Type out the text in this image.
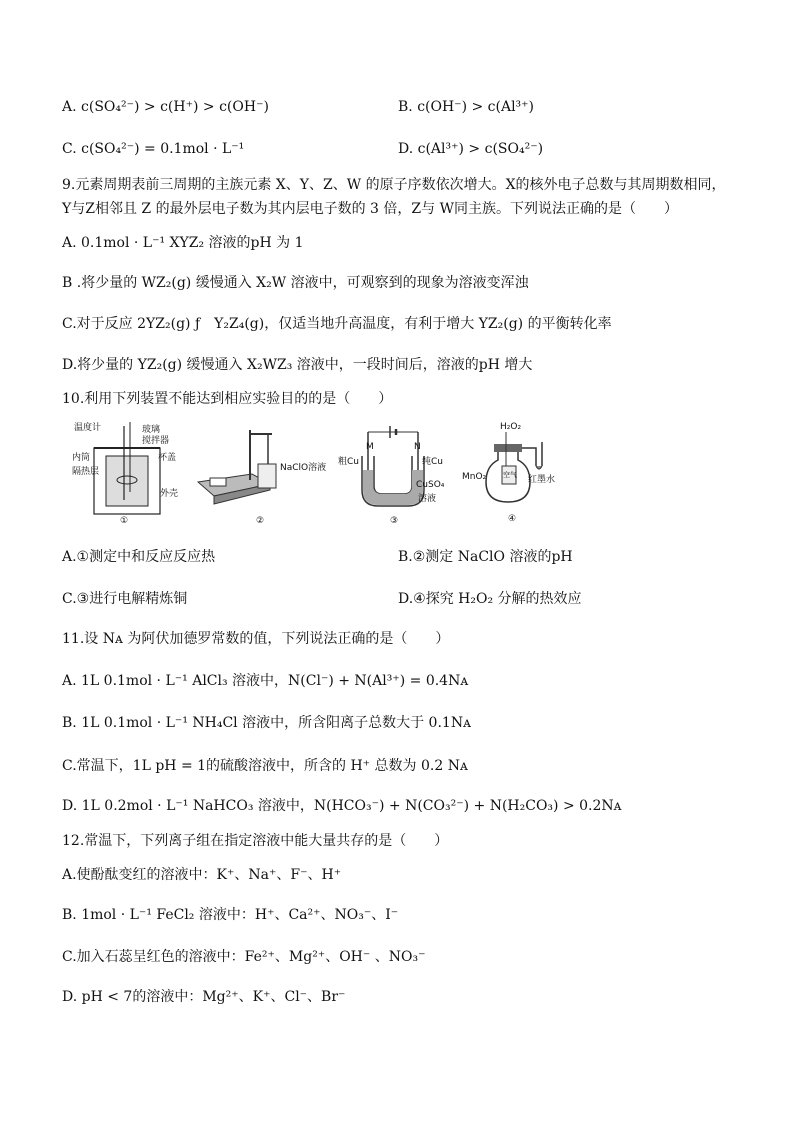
A. c(SO₄²⁻) > c(H⁺) > c(OH⁻)	B. c(OH⁻) > c(Al³⁺)
C. c(SO₄²⁻) = 0.1mol · L⁻¹	D. c(Al³⁺) > c(SO₄²⁻)
9.元素周期表前三周期的主族元素 X、Y、Z、W 的原子序数依次增大。X的核外电子总数与其周期数相同，
Y与Z相邻且 Z 的最外层电子数为其内层电子数的 3 倍，Z与 W同主族。下列说法正确的是（　　）
A. 0.1mol · L⁻¹ XYZ₂ 溶液的pH 为 1
B .将少量的 WZ₂(g) 缓慢通入 X₂W 溶液中，可观察到的现象为溶液变浑浊
C.对于反应 2YZ₂(g) ƒ　Y₂Z₄(g)，仅适当地升高温度，有利于增大 YZ₂(g) 的平衡转化率
D.将少量的 YZ₂(g) 缓慢通入 X₂WZ₃ 溶液中，一段时间后，溶液的pH 增大
10.利用下列装置不能达到相应实验目的的是（　　）
温度计	玻璃
搅拌器
内筒	杯盖
隔热层
外壳
①
NaClO溶液
②
M	N
粗Cu	纯Cu
CuSO₄
溶液
③
H₂O₂
MnO₂	红墨水
空气
④
A.①测定中和反应反应热	B.②测定 NaClO 溶液的pH
C.③进行电解精炼铜	D.④探究 H₂O₂ 分解的热效应
11.设 Nᴀ 为阿伏加德罗常数的值，下列说法正确的是（　　）
A. 1L 0.1mol · L⁻¹ AlCl₃ 溶液中，N(Cl⁻) + N(Al³⁺) = 0.4Nᴀ
B. 1L 0.1mol · L⁻¹ NH₄Cl 溶液中，所含阳离子总数大于 0.1Nᴀ
C.常温下，1L pH = 1的硫酸溶液中，所含的 H⁺ 总数为 0.2 Nᴀ
D. 1L 0.2mol · L⁻¹ NaHCO₃ 溶液中，N(HCO₃⁻) + N(CO₃²⁻) + N(H₂CO₃) > 0.2Nᴀ
12.常温下，下列离子组在指定溶液中能大量共存的是（　　）
A.使酚酞变红的溶液中：K⁺、Na⁺、F⁻、H⁺
B. 1mol · L⁻¹ FeCl₂ 溶液中：H⁺、Ca²⁺、NO₃⁻、I⁻
C.加入石蕊呈红色的溶液中：Fe²⁺、Mg²⁺、OH⁻ 、NO₃⁻
D. pH < 7的溶液中：Mg²⁺、K⁺、Cl⁻、Br⁻
